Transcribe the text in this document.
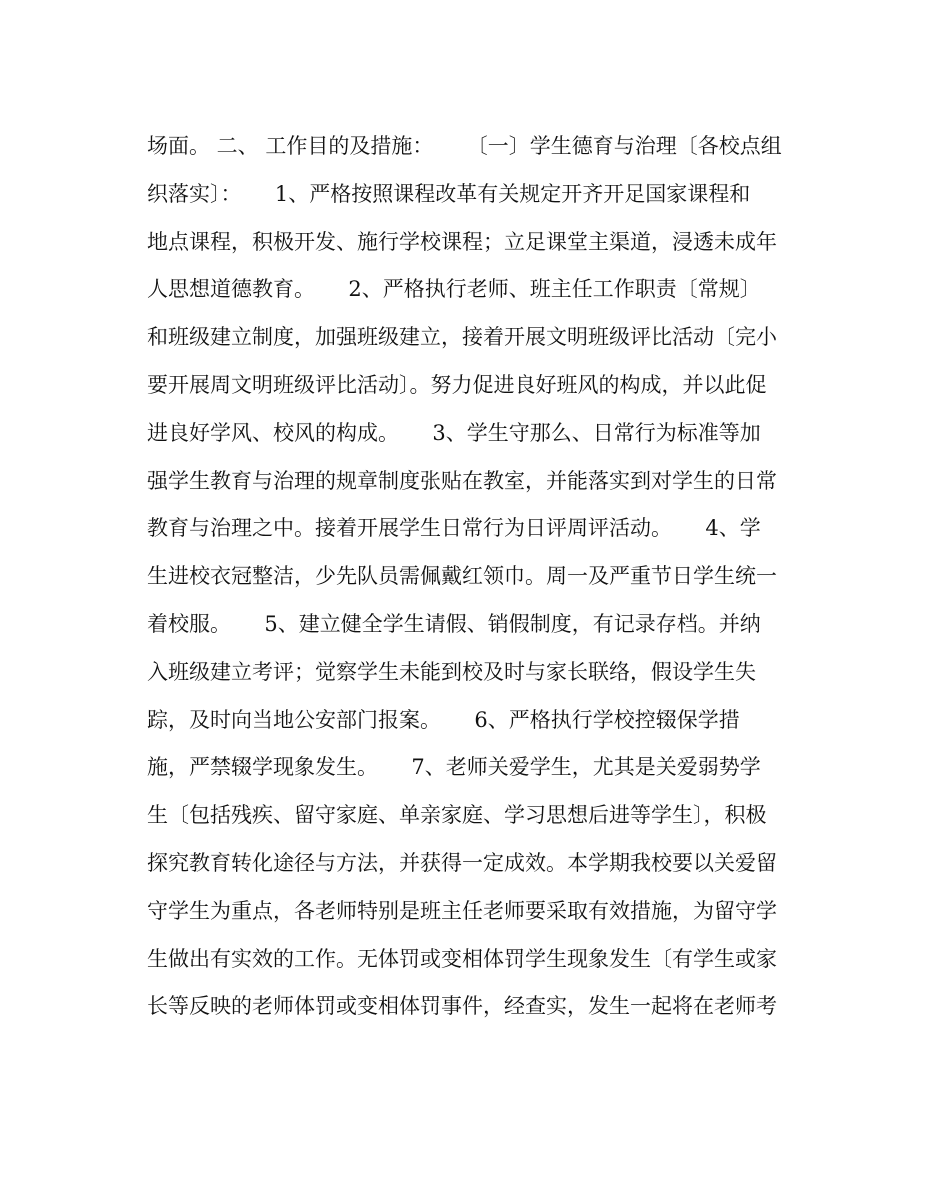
场面。 二、 工作目的及措施：     〔一〕学生德育与治理〔各校点组
织落实〕：     1、严格按照课程改革有关规定开齐开足国家课程和
地点课程，积极开发、施行学校课程；立足课堂主渠道，浸透未成年
人思想道德教育。     2、严格执行老师、班主任工作职责〔常规〕
和班级建立制度，加强班级建立，接着开展文明班级评比活动〔完小
要开展周文明班级评比活动〕。努力促进良好班风的构成，并以此促
进良好学风、校风的构成。     3、学生守那么、日常行为标准等加
强学生教育与治理的规章制度张贴在教室，并能落实到对学生的日常
教育与治理之中。接着开展学生日常行为日评周评活动。     4、学
生进校衣冠整洁，少先队员需佩戴红领巾。周一及严重节日学生统一
着校服。     5、建立健全学生请假、销假制度，有记录存档。并纳
入班级建立考评；觉察学生未能到校及时与家长联络，假设学生失
踪，及时向当地公安部门报案。     6、严格执行学校控辍保学措
施，严禁辍学现象发生。     7、老师关爱学生，尤其是关爱弱势学
生〔包括残疾、留守家庭、单亲家庭、学习思想后进等学生〕，积极
探究教育转化途径与方法，并获得一定成效。本学期我校要以关爱留
守学生为重点，各老师特别是班主任老师要采取有效措施，为留守学
生做出有实效的工作。无体罚或变相体罚学生现象发生〔有学生或家
长等反映的老师体罚或变相体罚事件，经查实，发生一起将在老师考
